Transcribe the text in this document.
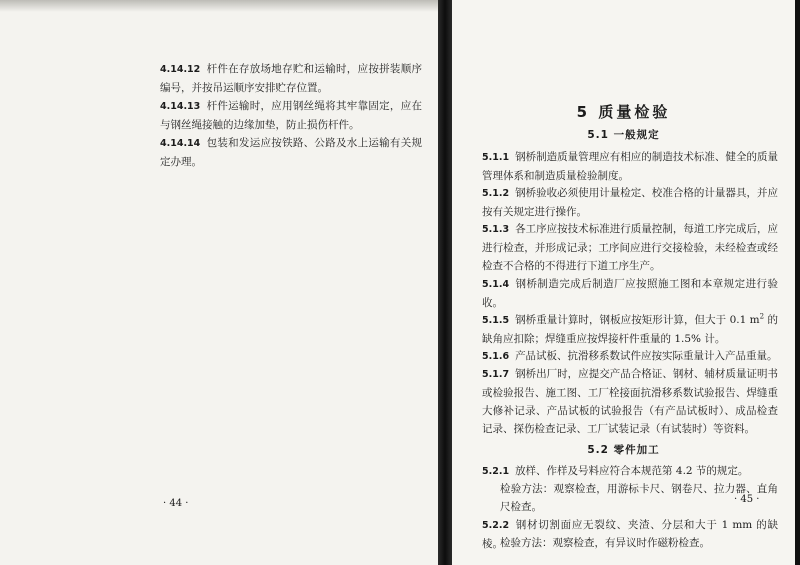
4.14.12 杆件在存放场地存贮和运输时，应按拼装顺序编号，并按吊运顺序安排贮存位置。
4.14.13 杆件运输时，应用钢丝绳将其牢靠固定，应在与钢丝绳接触的边缘加垫，防止损伤杆件。
4.14.14 包装和发运应按铁路、公路及水上运输有关规定办理。
· 44 ·
5 质量检验
5.1 一般规定
5.1.1 钢桥制造质量管理应有相应的制造技术标准、健全的质量管理体系和制造质量检验制度。
5.1.2 钢桥验收必须使用计量检定、校准合格的计量器具，并应按有关规定进行操作。
5.1.3 各工序应按技术标准进行质量控制，每道工序完成后，应进行检查，并形成记录；工序间应进行交接检验，未经检查或经检查不合格的不得进行下道工序生产。
5.1.4 钢桥制造完成后制造厂应按照施工图和本章规定进行验收。
5.1.5 钢桥重量计算时，钢板应按矩形计算，但大于 0.1 $m^2$ 的缺角应扣除；焊缝重应按焊接杆件重量的 1.5% 计。
5.1.6 产品试板、抗滑移系数试件应按实际重量计入产品重量。
5.1.7 钢桥出厂时，应提交产品合格证、钢材、辅材质量证明书或检验报告、施工图、工厂栓接面抗滑移系数试验报告、焊缝重大修补记录、产品试板的试验报告（有产品试板时）、成品检查记录、探伤检查记录、工厂试装记录（有试装时）等资料。
5.2 零件加工
5.2.1 放样、作样及号料应符合本规范第 4.2 节的规定。
检验方法：观察检查，用游标卡尺、钢卷尺、拉力器、直角尺检查。
5.2.2 钢材切割面应无裂纹、夹渣、分层和大于 1 mm 的缺棱。
检验方法：观察检查，有异议时作磁粉检查。
· 45 ·
